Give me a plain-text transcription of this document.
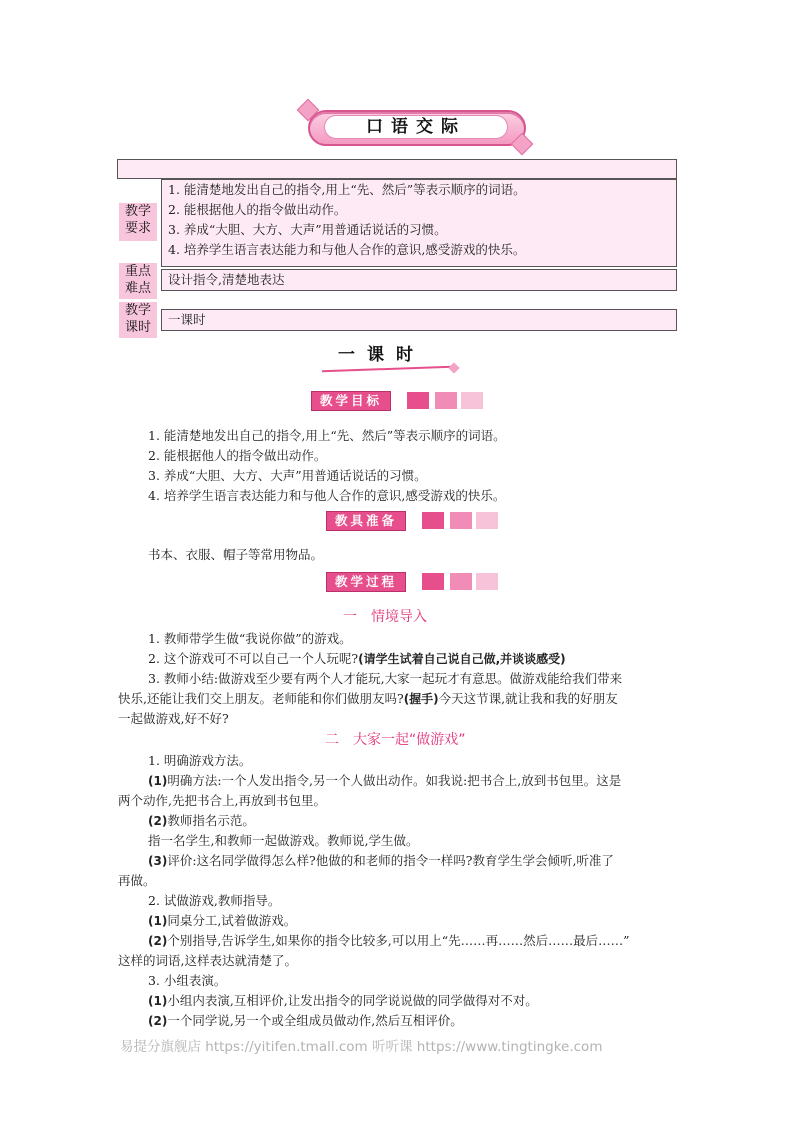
口语交际
教学要求
1. 能清楚地发出自己的指令,用上“先、然后”等表示顺序的词语。
2. 能根据他人的指令做出动作。
3. 养成“大胆、大方、大声”用普通话说话的习惯。
4. 培养学生语言表达能力和与他人合作的意识,感受游戏的快乐。
重点难点
设计指令,清楚地表达
教学课时
一课时
一课时
教学目标
1. 能清楚地发出自己的指令,用上“先、然后”等表示顺序的词语。
2. 能根据他人的指令做出动作。
3. 养成“大胆、大方、大声”用普通话说话的习惯。
4. 培养学生语言表达能力和与他人合作的意识,感受游戏的快乐。
教具准备
书本、衣服、帽子等常用物品。
教学过程
一　情境导入
1. 教师带学生做“我说你做”的游戏。
2. 这个游戏可不可以自己一个人玩呢?(请学生试着自己说自己做,并谈谈感受)
3. 教师小结:做游戏至少要有两个人才能玩,大家一起玩才有意思。做游戏能给我们带来
快乐,还能让我们交上朋友。老师能和你们做朋友吗?(握手)今天这节课,就让我和我的好朋友
一起做游戏,好不好?
二　大家一起“做游戏”
1. 明确游戏方法。
(1)明确方法:一个人发出指令,另一个人做出动作。如我说:把书合上,放到书包里。这是
两个动作,先把书合上,再放到书包里。
(2)教师指名示范。
指一名学生,和教师一起做游戏。教师说,学生做。
(3)评价:这名同学做得怎么样?他做的和老师的指令一样吗?教育学生学会倾听,听准了
再做。
2. 试做游戏,教师指导。
(1)同桌分工,试着做游戏。
(2)个别指导,告诉学生,如果你的指令比较多,可以用上“先……再……然后……最后……”
这样的词语,这样表达就清楚了。
3. 小组表演。
(1)小组内表演,互相评价,让发出指令的同学说说做的同学做得对不对。
(2)一个同学说,另一个或全组成员做动作,然后互相评价。
易提分旗舰店 https://yitifen.tmall.com 听听课 https://www.tingtingke.com
